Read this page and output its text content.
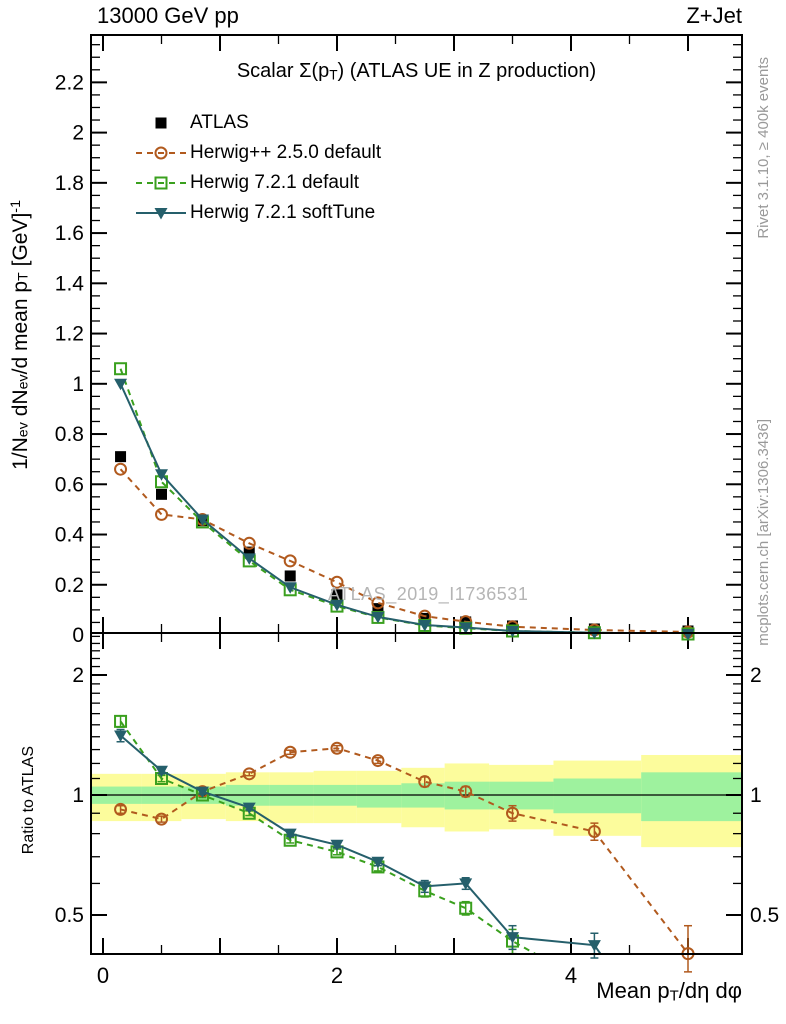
0
0.2
0.4
0.6
0.8
1
1.2
1.4
1.6
1.8
2
2.2
0.5	0.5
1	1
2	2
0	2	4
13000 GeV pp	Z+Jet
Scalar $\Sigma(p_T)$ (ATLAS UE in Z production)
ATLAS
Herwig++ 2.5.0 default
Herwig 7.2.1 default
Herwig 7.2.1 softTune
$1/N_{ev}$ $dN_{ev}/d$ mean $p_T$ [GeV]$^{-1}$
Ratio to ATLAS
Mean $p_T/d\eta$ dφ
Rivet 3.1.10, ≥ 400k events
mcplots.cern.ch [arXiv:1306.3436]
ATLAS_2019_I1736531
